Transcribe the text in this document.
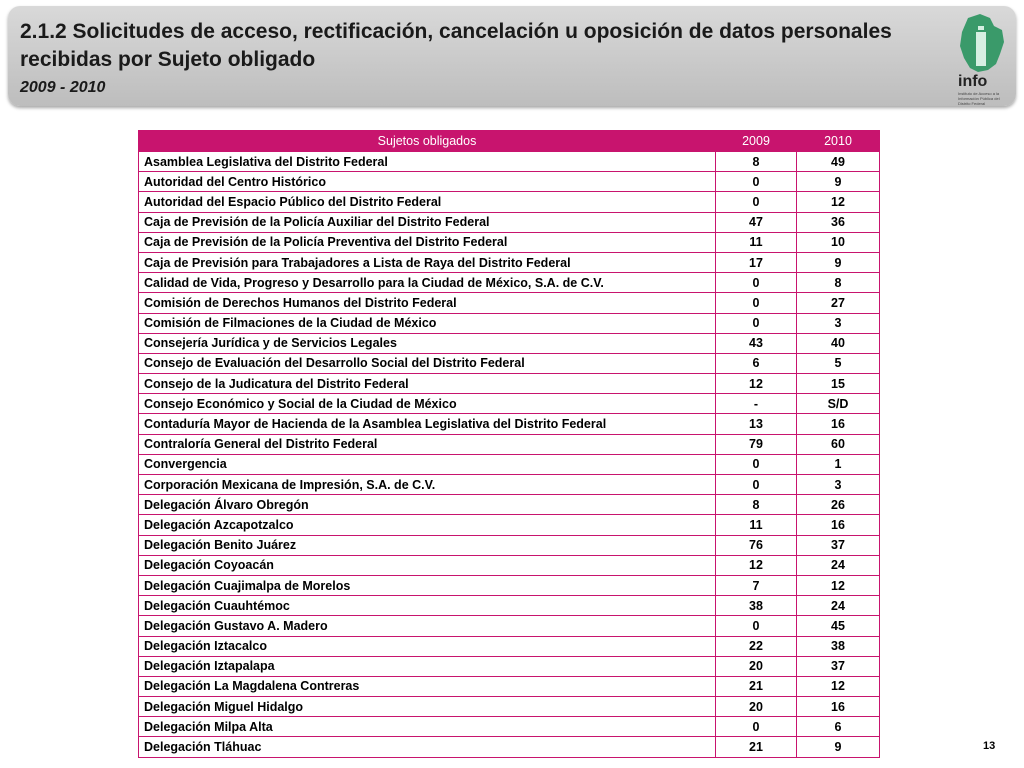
2.1.2 Solicitudes de acceso, rectificación, cancelación u oposición de datos personales recibidas por Sujeto obligado
2009 - 2010	info
Instituto de Acceso a la Información Pública del Distrito Federal
Sujetos obligados	2009	2010
Asamblea Legislativa del Distrito Federal	8	49
Autoridad del Centro Histórico	0	9
Autoridad del Espacio Público del Distrito Federal	0	12
Caja de Previsión de la Policía Auxiliar del Distrito Federal	47	36
Caja de Previsión de la Policía Preventiva del Distrito Federal	11	10
Caja de Previsión para Trabajadores a Lista de Raya del Distrito Federal	17	9
Calidad de Vida, Progreso y Desarrollo para la Ciudad de México, S.A. de C.V.	0	8
Comisión de Derechos Humanos del Distrito Federal	0	27
Comisión de Filmaciones de la Ciudad de México	0	3
Consejería Jurídica y de Servicios Legales	43	40
Consejo de Evaluación del Desarrollo Social del Distrito Federal	6	5
Consejo de la Judicatura del Distrito Federal	12	15
Consejo Económico y Social de la Ciudad de México	-	S/D
Contaduría Mayor de Hacienda de la Asamblea Legislativa del Distrito Federal	13	16
Contraloría General del Distrito Federal	79	60
Convergencia	0	1
Corporación Mexicana de Impresión, S.A. de C.V.	0	3
Delegación Álvaro Obregón	8	26
Delegación Azcapotzalco	11	16
Delegación Benito Juárez	76	37
Delegación Coyoacán	12	24
Delegación Cuajimalpa de Morelos	7	12
Delegación Cuauhtémoc	38	24
Delegación Gustavo A. Madero	0	45
Delegación Iztacalco	22	38
Delegación Iztapalapa	20	37
Delegación La Magdalena Contreras	21	12
Delegación Miguel Hidalgo	20	16
Delegación Milpa Alta	0	6
Delegación Tláhuac	21	9	13
